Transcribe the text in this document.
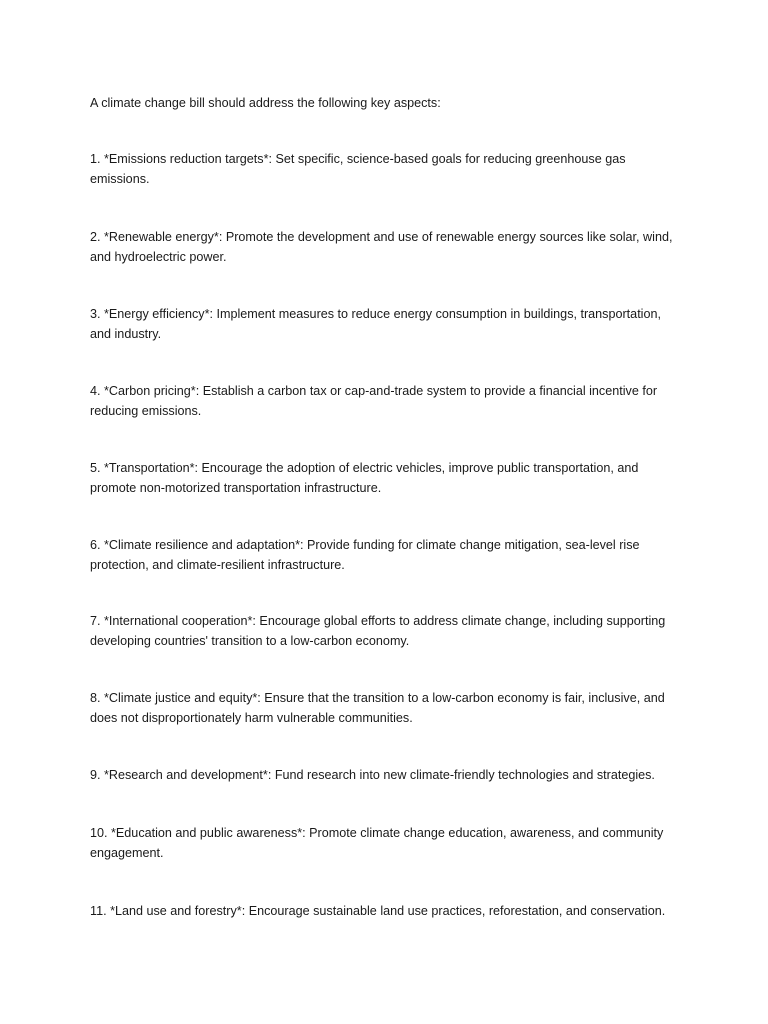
A climate change bill should address the following key aspects:

1. *Emissions reduction targets*: Set specific, science-based goals for reducing greenhouse gas emissions.
2. *Renewable energy*: Promote the development and use of renewable energy sources like solar, wind, and hydroelectric power.
3. *Energy efficiency*: Implement measures to reduce energy consumption in buildings, transportation, and industry.
4. *Carbon pricing*: Establish a carbon tax or cap-and-trade system to provide a financial incentive for reducing emissions.
5. *Transportation*: Encourage the adoption of electric vehicles, improve public transportation, and promote non-motorized transportation infrastructure.
6. *Climate resilience and adaptation*: Provide funding for climate change mitigation, sea-level rise protection, and climate-resilient infrastructure.
7. *International cooperation*: Encourage global efforts to address climate change, including supporting developing countries' transition to a low-carbon economy.
8. *Climate justice and equity*: Ensure that the transition to a low-carbon economy is fair, inclusive, and does not disproportionately harm vulnerable communities.
9. *Research and development*: Fund research into new climate-friendly technologies and strategies.
10. *Education and public awareness*: Promote climate change education, awareness, and community engagement.
11. *Land use and forestry*: Encourage sustainable land use practices, reforestation, and conservation.
